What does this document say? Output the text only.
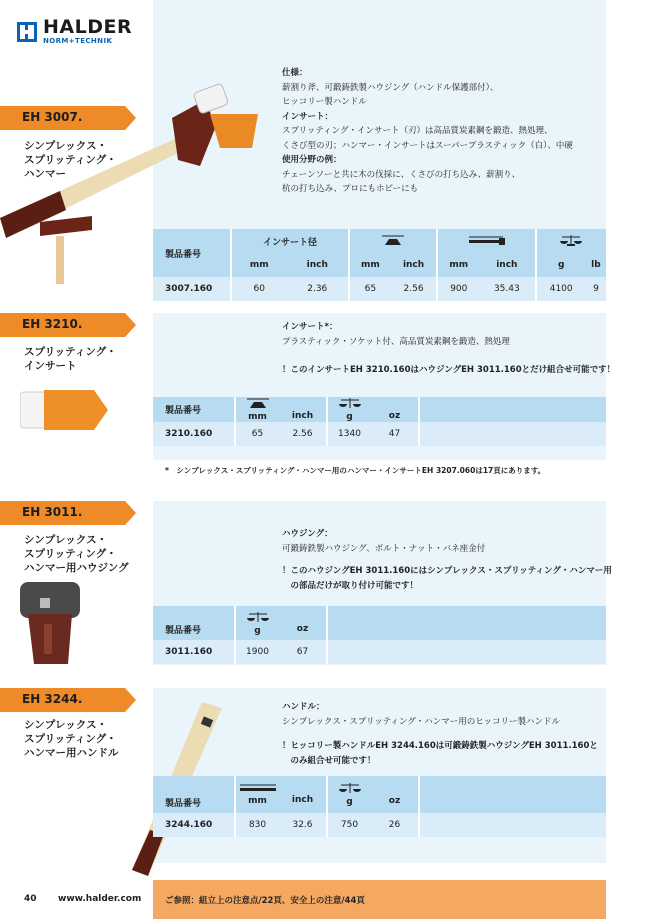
HALDER
NORM+TECHNIK
EH 3007.
シンプレックス・
スプリッティング・
ハンマー
仕様：
薪割り斧、可鍛鋳鉄製ハウジング（ハンドル保護部付）、
ヒッコリー製ハンドル
インサート：
スプリッティング・インサート（刃）は高品質炭素鋼を鍛造、熱処理、
くさび型の刃；ハンマー・インサートはスーパープラスティック（白）、中硬
使用分野の例：
チェーンソーと共に木の伐採に、くさびの打ち込み、薪割り、
杭の打ち込み、プロにもホビーにも
製品番号	インサート径			
	mm	inch	mm	inch	mm	inch	g	lb
3007.160	60	2.36	65	2.56	900	35.43	4100	9
EH 3210.
スプリッティング・
インサート
インサート*：
プラスティック・ソケット付、高品質炭素鋼を鍛造、熱処理
！このインサートEH 3210.160はハウジングEH 3011.160とだけ組合せ可能です！
製品番号	mm	inch	g	oz	

3210.160	65	2.56	1340	47	
*　シンプレックス・スプリッティング・ハンマー用のハンマー・インサートEH 3207.060は17頁にあります。
EH 3011.
シンプレックス・
スプリッティング・
ハンマー用ハウジング
ハウジング：
可鍛鋳鉄製ハウジング、ボルト・ナット・バネ座金付
！このハウジングEH 3011.160にはシンプレックス・スプリッティング・ハンマー用
　の部品だけが取り付け可能です！
製品番号	g	oz	

3011.160	1900	67	
EH 3244.
シンプレックス・
スプリッティング・
ハンマー用ハンドル
ハンドル：
シンプレックス・スプリッティング・ハンマー用のヒッコリー製ハンドル
！ヒッコリー製ハンドルEH 3244.160は可鍛鋳鉄製ハウジングEH 3011.160と
　のみ組合せ可能です！
製品番号	mm	inch	g	oz	

3244.160	830	32.6	750	26	
40 www.halder.com	ご参照：組立上の注意点/22頁、安全上の注意/44頁
